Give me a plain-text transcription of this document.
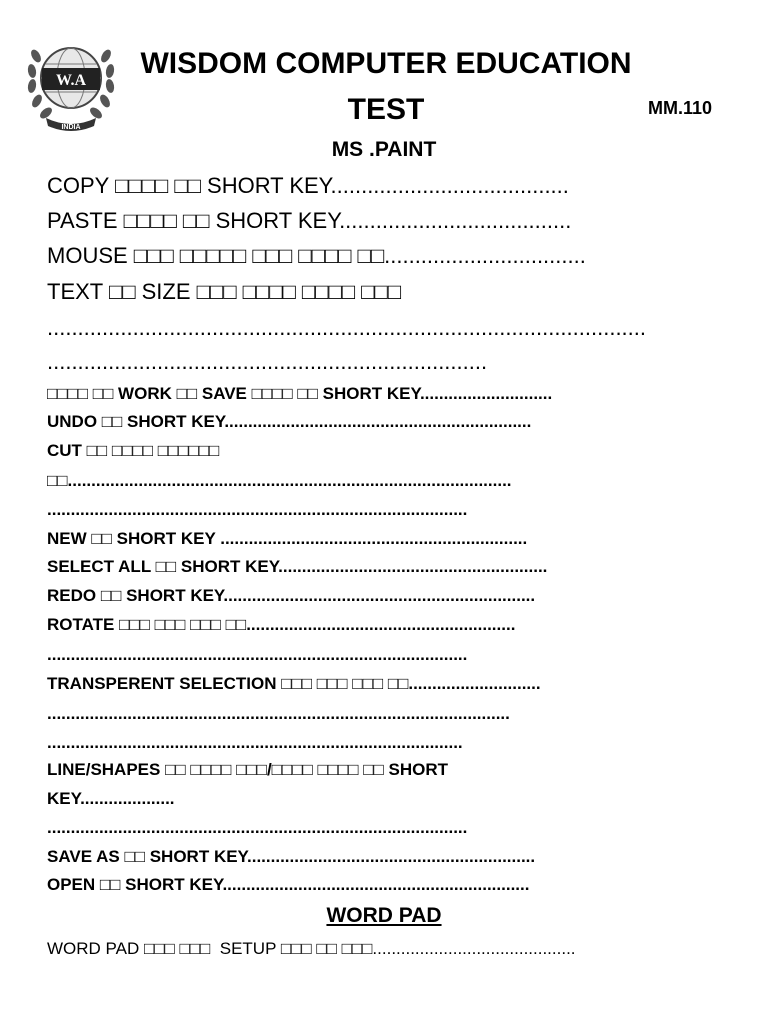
W.A
INDIA
WISDOM COMPUTER EDUCATION
TEST	MM.110
MS .PAINT
COPY □□□□ □□ SHORT KEY.......................................
PASTE □□□□ □□ SHORT KEY......................................
MOUSE □□□ □□□□□ □□□ □□□□ □□.................................
TEXT □□ SIZE □□□ □□□□ □□□□ □□□
..................................................................................................
........................................................................
□□□□ □□ WORK □□ SAVE □□□□ □□ SHORT KEY............................
UNDO □□ SHORT KEY.................................................................
CUT □□ □□□□ □□□□□□
□□..............................................................................................
.........................................................................................
NEW □□ SHORT KEY .................................................................
SELECT ALL □□ SHORT KEY.........................................................
REDO □□ SHORT KEY..................................................................
ROTATE □□□ □□□ □□□ □□.........................................................
.........................................................................................
TRANSPERENT SELECTION □□□ □□□ □□□ □□............................
..................................................................................................
........................................................................................
LINE/SHAPES □□ □□□□ □□□/□□□□ □□□□ □□ SHORT
KEY....................
.........................................................................................
SAVE AS □□ SHORT KEY.............................................................
OPEN □□ SHORT KEY.................................................................
WORD PAD
WORD PAD □□□ □□□  SETUP □□□ □□ □□□...........................................
